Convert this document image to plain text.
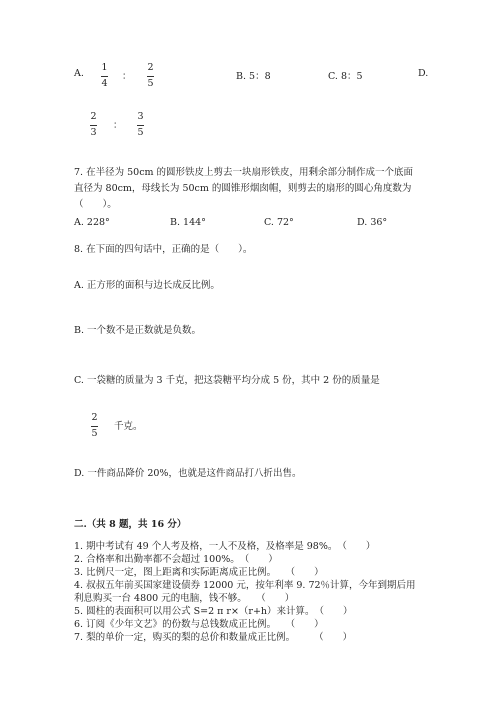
A.
1
4
：
2
5
B. 5：8	C. 8：5	D.
2
3
：
3
5
7. 在半径为 50cm 的圆形铁皮上剪去一块扇形铁皮，用剩余部分制作成一个底面
直径为 80cm，母线长为 50cm 的圆锥形烟囱帽，则剪去的扇形的圆心角度数为
（　　）。
A. 228°	B. 144°	C. 72°	D. 36°
8. 在下面的四句话中，正确的是（　　）。
A. 正方形的面积与边长成反比例。
B. 一个数不是正数就是负数。
C. 一袋糖的质量为 3 千克，把这袋糖平均分成 5 份，其中 2 份的质量是
2
5
千克。
D. 一件商品降价 20%，也就是这件商品打八折出售。
二.（共 8 题，共 16 分）
1. 期中考试有 49 个人考及格，一人不及格，及格率是 98%。　（　　）
2. 合格率和出勤率都不会超过 100%。　（　　）
3. 比例尺一定，图上距离和实际距离成正比例。　　（　　）
4. 叔叔五年前买国家建设债券 12000 元，按年利率 9. 72％计算，今年到期后用
利息购买一台 4800 元的电脑，钱不够。　　（　　）
5. 圆柱的表面积可以用公式 S=2 π r×（r+h）来计算。　（　　）
6. 订阅《少年文艺》的份数与总钱数成正比例。　　（　　）
7. 梨的单价一定，购买的梨的总价和数量成正比例。　　　（　　）
